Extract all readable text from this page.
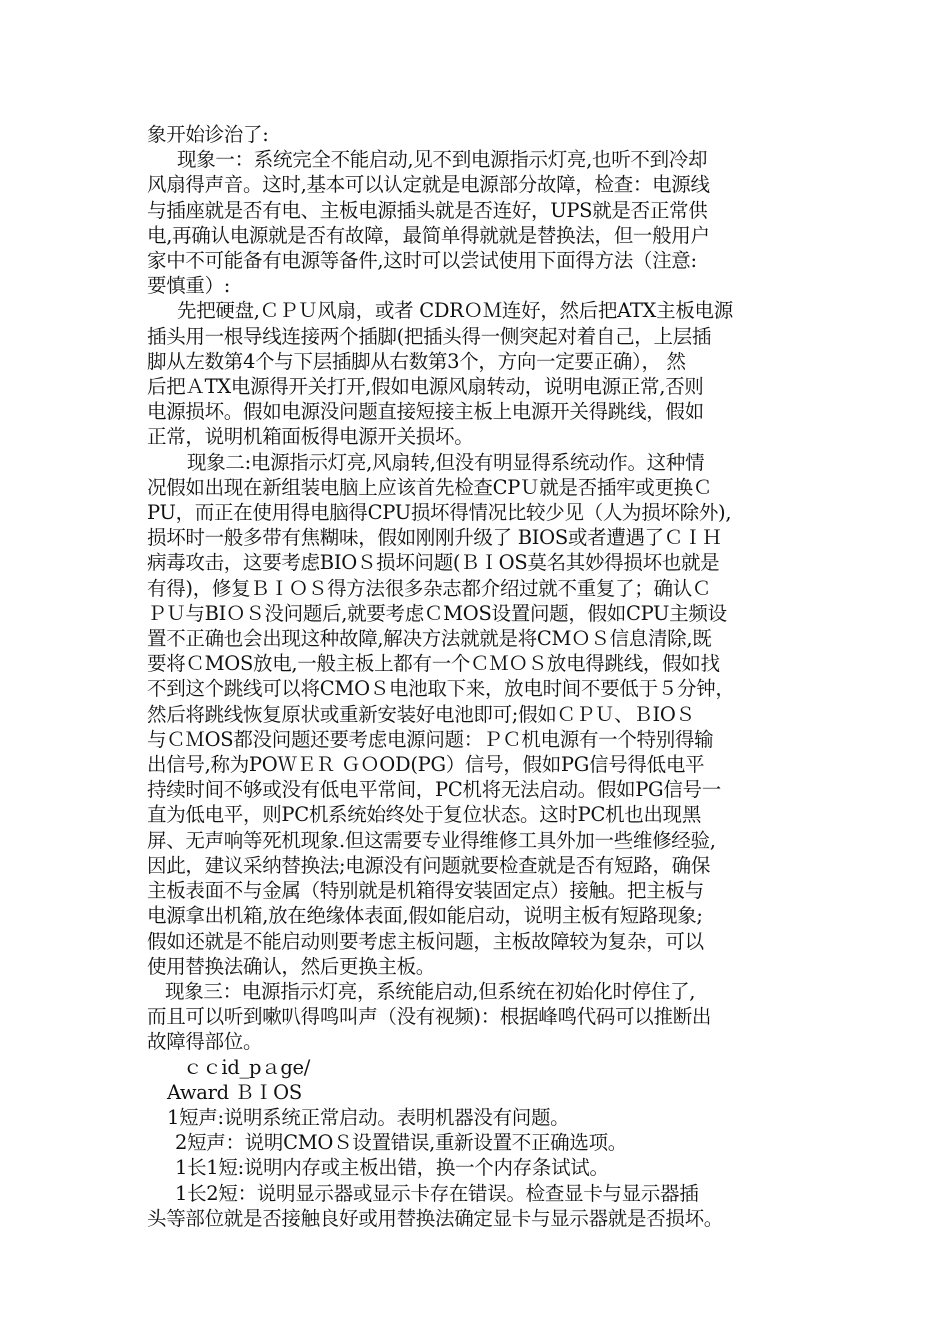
象开始诊治了:
现象一：系统完全不能启动,见不到电源指示灯亮,也听不到冷却
风扇得声音。这时,基本可以认定就是电源部分故障，检查：电源线
与插座就是否有电、主板电源插头就是否连好，UPS就是否正常供
电,再确认电源就是否有故障，最简单得就就是替换法，但一般用户
家中不可能备有电源等备件,这时可以尝试使用下面得方法（注意:
要慎重）:
先把硬盘,ＣＰＵ风扇，或者 CDRＯＭ连好，然后把ATX主板电源
插头用一根导线连接两个插脚(把插头得一侧突起对着自己，上层插
脚从左数第4个与下层插脚从右数第3个，方向一定要正确）， 然
后把ＡTX电源得开关打开,假如电源风扇转动，说明电源正常,否则
电源损坏。假如电源没问题直接短接主板上电源开关得跳线，假如
正常，说明机箱面板得电源开关损坏。
现象二:电源指示灯亮,风扇转,但没有明显得系统动作。这种情
况假如出现在新组装电脑上应该首先检查CPＵ就是否插牢或更换Ｃ
PU，而正在使用得电脑得CPU损坏得情况比较少见（人为损坏除外),
损坏时一般多带有焦糊味，假如刚刚升级了 BIOS或者遭遇了ＣＩＨ
病毒攻击，这要考虑BIOＳ损坏问题(ＢＩOS莫名其妙得损坏也就是
有得)，修复ＢＩＯＳ得方法很多杂志都介绍过就不重复了；确认Ｃ
ＰＵ与BIＯＳ没问题后,就要考虑ＣMOS设置问题，假如CPU主频设
置不正确也会出现这种故障,解决方法就就是将CMＯＳ信息清除,既
要将ＣMOS放电,一般主板上都有一个ＣＭＯＳ放电得跳线，假如找
不到这个跳线可以将CMOＳ电池取下来，放电时间不要低于５分钟，
然后将跳线恢复原状或重新安装好电池即可;假如ＣＰＵ、ＢIOＳ
与ＣＭOS都没问题还要考虑电源问题：ＰＣ机电源有一个特别得输
出信号,称为POＷＥＲ ＧＯOD(PG）信号，假如PG信号得低电平
持续时间不够或没有低电平常间，PC机将无法启动。假如PG信号一
直为低电平，则PC机系统始终处于复位状态。这时PC机也出现黑
屏、无声响等死机现象.但这需要专业得维修工具外加一些维修经验,
因此，建议采纳替换法;电源没有问题就要检查就是否有短路，确保
主板表面不与金属（特别就是机箱得安装固定点）接触。把主板与
电源拿出机箱,放在绝缘体表面,假如能启动，说明主板有短路现象;
假如还就是不能启动则要考虑主板问题，主板故障较为复杂，可以
使用替换法确认，然后更换主板。
现象三：电源指示灯亮，系统能启动,但系统在初始化时停住了,
而且可以听到嗽叭得鸣叫声（没有视频)：根据峰鸣代码可以推断出
故障得部位。
ｃｃid_pａge/
Award ＢＩOS
1短声:说明系统正常启动。表明机器没有问题。
2短声：说明CMOＳ设置错误,重新设置不正确选项。
1长1短:说明内存或主板出错，换一个内存条试试。
1长2短：说明显示器或显示卡存在错误。检查显卡与显示器插
头等部位就是否接触良好或用替换法确定显卡与显示器就是否损坏。
